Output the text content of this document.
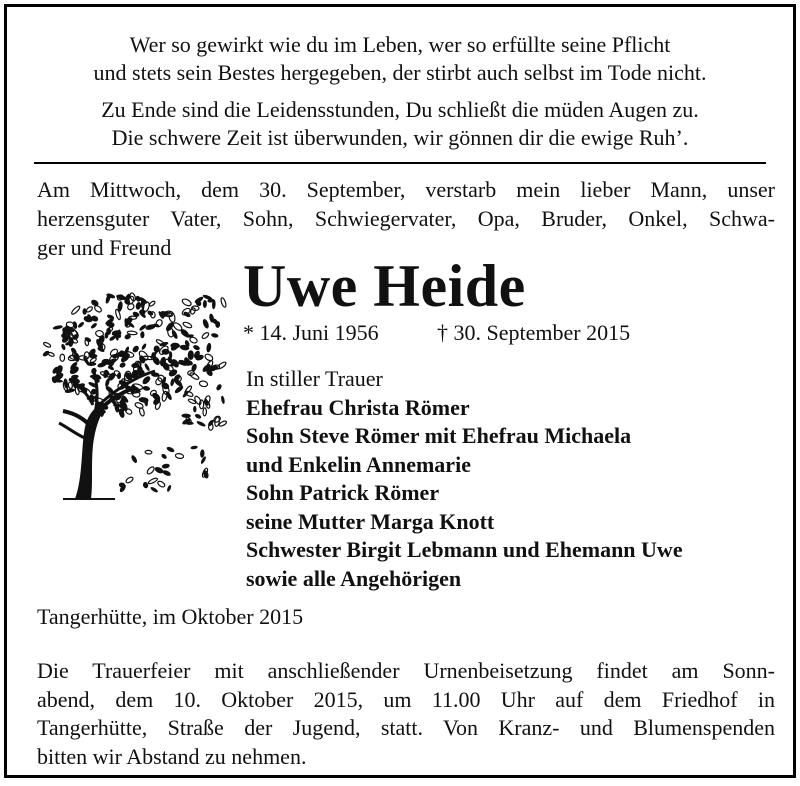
Wer so gewirkt wie du im Leben, wer so erfüllte seine Pflicht
und stets sein Bestes hergegeben, der stirbt auch selbst im Tode nicht.
Zu Ende sind die Leidensstunden, Du schließt die müden Augen zu.
Die schwere Zeit ist überwunden, wir gönnen dir die ewige Ruh’.
Am Mittwoch, dem 30. September, verstarb mein lieber Mann, unser
herzensguter Vater, Sohn, Schwiegervater, Opa, Bruder, Onkel, Schwa-
ger und Freund
Uwe Heide
* 14. Juni 1956	† 30. September 2015
In stiller Trauer
Ehefrau Christa Römer
Sohn Steve Römer mit Ehefrau Michaela
und Enkelin Annemarie
Sohn Patrick Römer
seine Mutter Marga Knott
Schwester Birgit Lebmann und Ehemann Uwe
sowie alle Angehörigen
Tangerhütte, im Oktober 2015
Die Trauerfeier mit anschließender Urnenbeisetzung findet am Sonn-
abend, dem 10. Oktober 2015, um 11.00 Uhr auf dem Friedhof in
Tangerhütte, Straße der Jugend, statt. Von Kranz- und Blumenspenden
bitten wir Abstand zu nehmen.
